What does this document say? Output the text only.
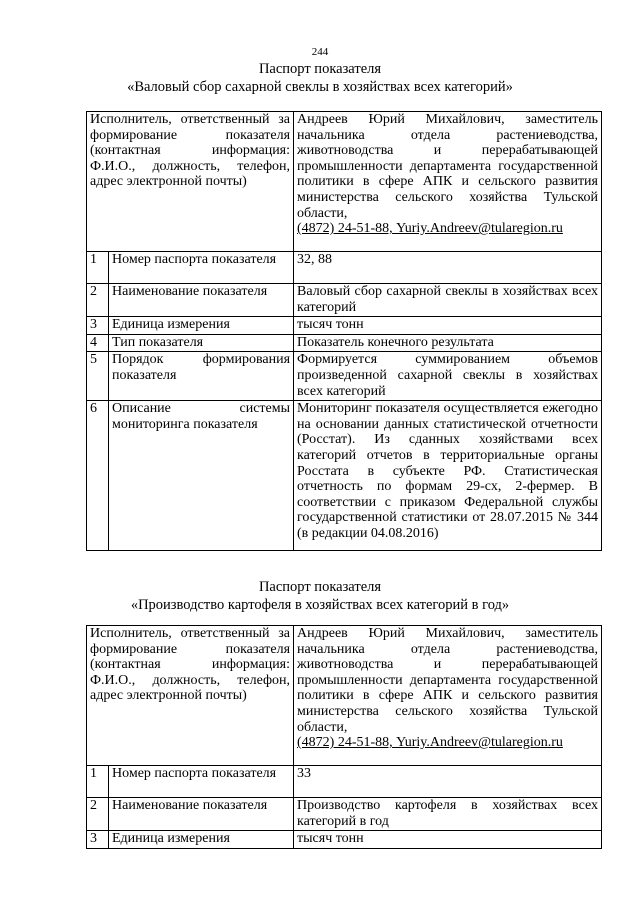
244
Паспорт показателя
«Валовый сбор сахарной свеклы в хозяйствах всех категорий»
Исполнитель, ответственный за формирование показателя (контактная информация: Ф.И.О., должность, телефон, адрес электронной почты)		Андреев Юрий Михайлович, заместитель начальника отдела растениеводства, животноводства и перерабатывающей промышленности департамента государственной политики в сфере АПК и сельского развития министерства сельского хозяйства Тульской области,
(4872) 24-51-88, Yuriy.Andreev@tularegion.ru
1	Номер паспорта показателя	32, 88
2	Наименование показателя	Валовый сбор сахарной свеклы в хозяйствах всех категорий
3	Единица измерения	тысяч тонн
4	Тип показателя	Показатель конечного результата
5	Порядок формирования показателя	Формируется суммированием объемов произведенной сахарной свеклы в хозяйствах всех категорий
6	Описание системы мониторинга показателя	Мониторинг показателя осуществляется ежегодно на основании данных статистической отчетности (Росстат). Из сданных хозяйствами всех категорий отчетов в территориальные органы Росстата в субъекте РФ. Статистическая отчетность по формам 29-сх, 2-фермер. В соответствии с приказом Федеральной службы государственной статистики от 28.07.2015 № 344 (в редакции 04.08.2016)
Паспорт показателя
«Производство картофеля в хозяйствах всех категорий в год»
Исполнитель, ответственный за формирование показателя (контактная информация: Ф.И.О., должность, телефон, адрес электронной почты)		Андреев Юрий Михайлович, заместитель начальника отдела растениеводства, животноводства и перерабатывающей промышленности департамента государственной политики в сфере АПК и сельского развития министерства сельского хозяйства Тульской области,
(4872) 24-51-88, Yuriy.Andreev@tularegion.ru
1	Номер паспорта показателя	33
2	Наименование показателя	Производство картофеля в хозяйствах всех категорий в год
3	Единица измерения	тысяч тонн
